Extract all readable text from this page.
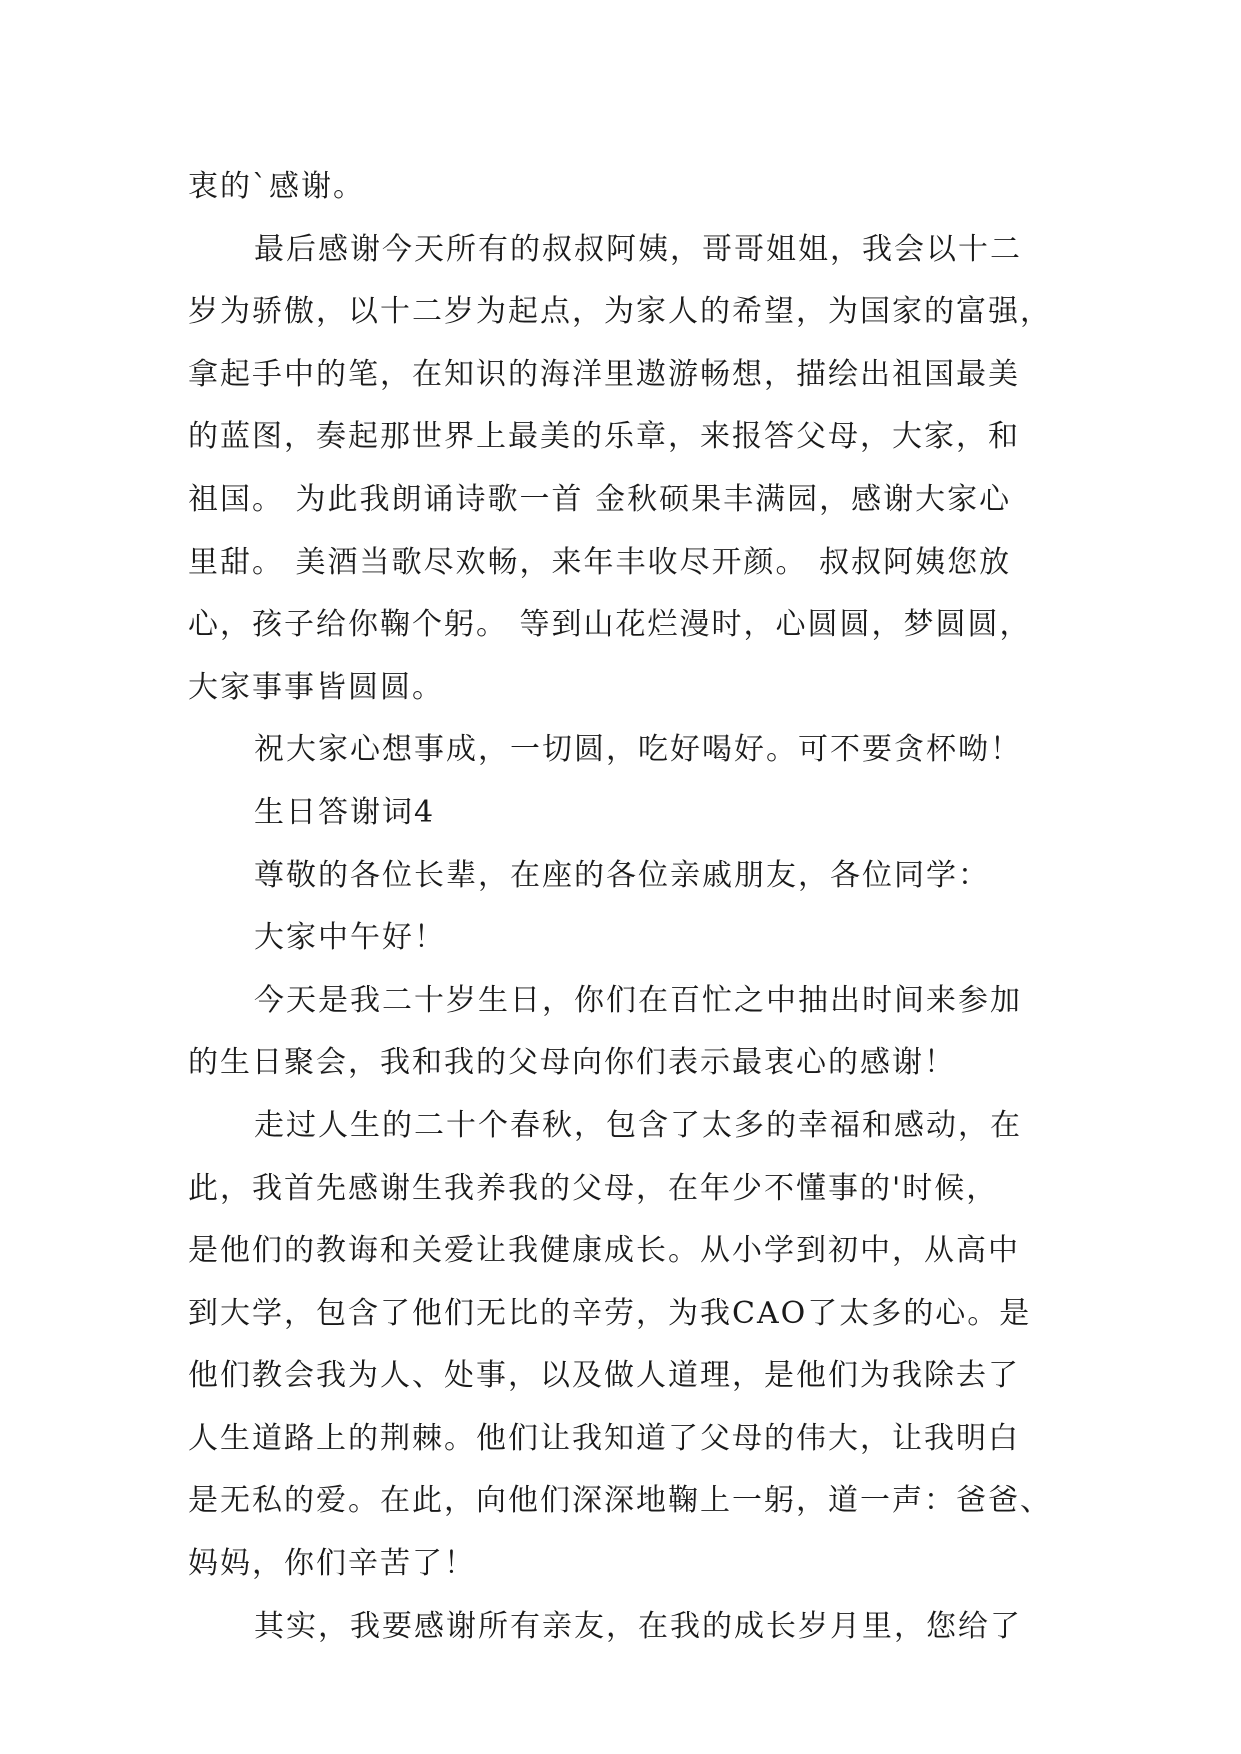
衷的`感谢。
最后感谢今天所有的叔叔阿姨，哥哥姐姐，我会以十二
岁为骄傲，以十二岁为起点，为家人的希望，为国家的富强，
拿起手中的笔，在知识的海洋里遨游畅想，描绘出祖国最美
的蓝图，奏起那世界上最美的乐章，来报答父母，大家，和
祖国。 为此我朗诵诗歌一首 金秋硕果丰满园，感谢大家心
里甜。 美酒当歌尽欢畅，来年丰收尽开颜。 叔叔阿姨您放
心，孩子给你鞠个躬。 等到山花烂漫时，心圆圆，梦圆圆，
大家事事皆圆圆。
祝大家心想事成，一切圆，吃好喝好。可不要贪杯呦！
生日答谢词4
尊敬的各位长辈，在座的各位亲戚朋友，各位同学：
大家中午好！
今天是我二十岁生日，你们在百忙之中抽出时间来参加
的生日聚会，我和我的父母向你们表示最衷心的感谢！
走过人生的二十个春秋，包含了太多的幸福和感动，在
此，我首先感谢生我养我的父母，在年少不懂事的'时候，
是他们的教诲和关爱让我健康成长。从小学到初中，从高中
到大学，包含了他们无比的辛劳，为我CAO了太多的心。是
他们教会我为人、处事，以及做人道理，是他们为我除去了
人生道路上的荆棘。他们让我知道了父母的伟大，让我明白
是无私的爱。在此，向他们深深地鞠上一躬，道一声：爸爸、
妈妈，你们辛苦了！
其实，我要感谢所有亲友，在我的成长岁月里，您给了
